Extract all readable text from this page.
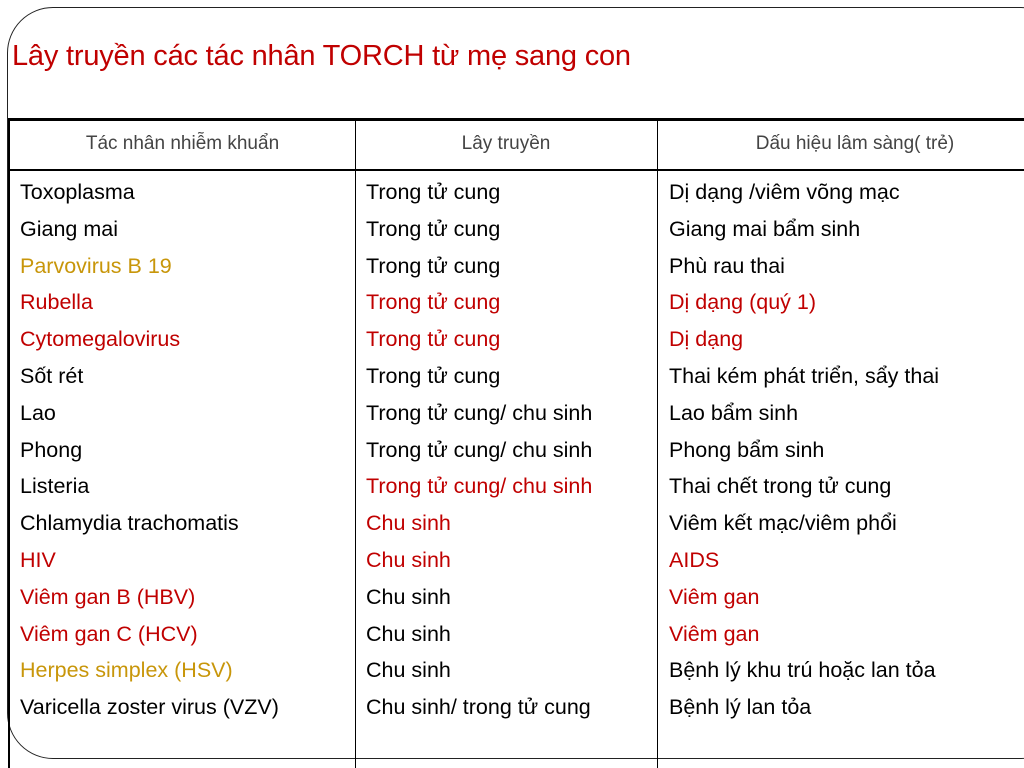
Lây truyền các tác nhân TORCH từ mẹ sang con
Tác nhân nhiễm khuẩn	Lây truyền	Dấu hiệu lâm sàng( trẻ)
Toxoplasma
Giang mai
Parvovirus B 19
Rubella
Cytomegalovirus
Sốt rét
Lao
Phong
Listeria
Chlamydia trachomatis
HIV
Viêm gan B (HBV)
Viêm gan C (HCV)
Herpes simplex (HSV)
Varicella zoster virus (VZV)
Trong tử cung
Trong tử cung
Trong tử cung
Trong tử cung
Trong tử cung
Trong tử cung
Trong tử cung/ chu sinh
Trong tử cung/ chu sinh
Trong tử cung/ chu sinh
Chu sinh
Chu sinh
Chu sinh
Chu sinh
Chu sinh
Chu sinh/ trong tử cung
Dị dạng /viêm võng mạc
Giang mai bẩm sinh
Phù rau thai
Dị dạng (quý 1)
Dị dạng
Thai kém phát triển, sẩy thai
Lao bẩm sinh
Phong bẩm sinh
Thai chết trong tử cung
Viêm kết mạc/viêm phổi
AIDS
Viêm gan
Viêm gan
Bệnh lý khu trú hoặc lan tỏa
Bệnh lý lan tỏa
